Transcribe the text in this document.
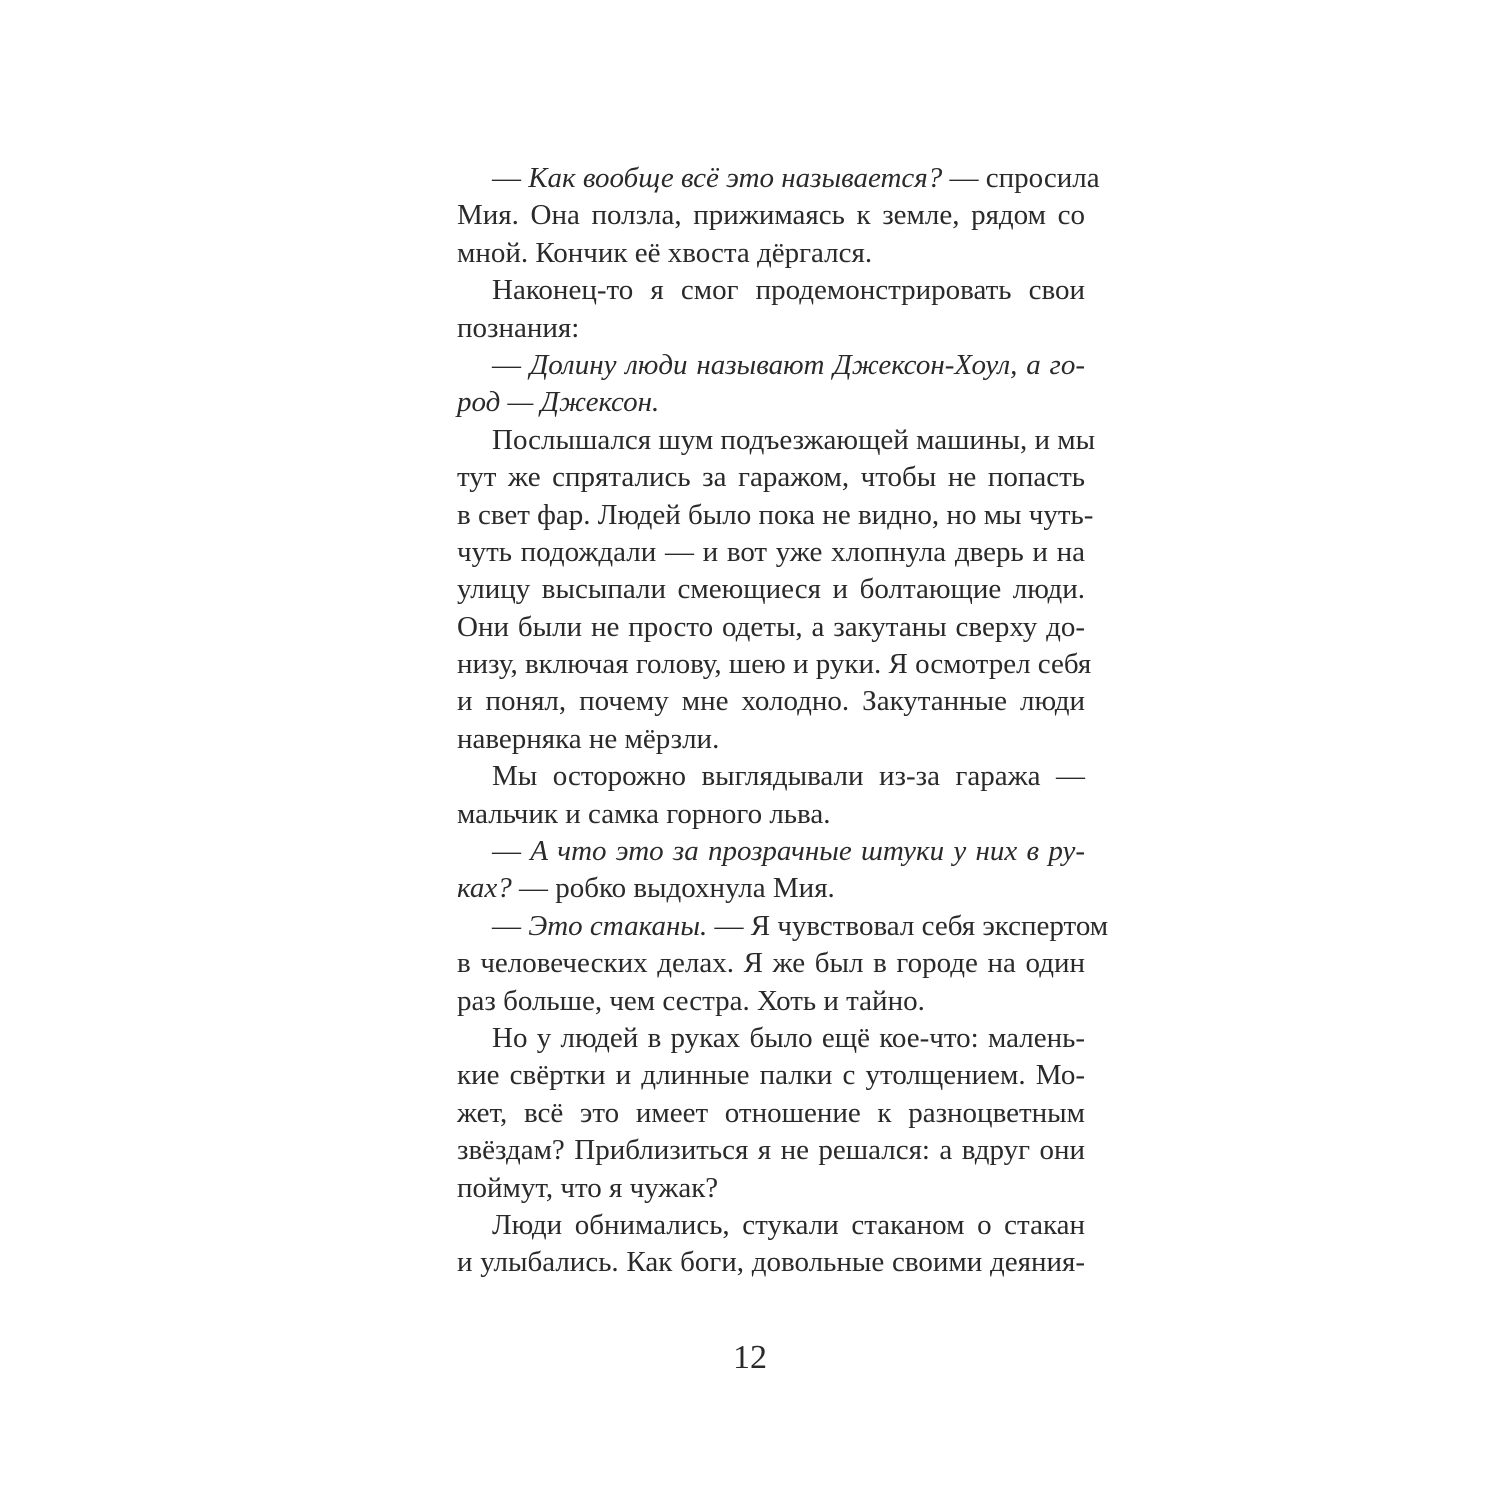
— Как вообще всё это называется? — спросила
Мия. Она ползла, прижимаясь к земле, рядом со
мной. Кончик её хвоста дёргался.
Наконец-то я смог продемонстрировать свои
познания:
— Долину люди называют Джексон-Хоул, а го-
род — Джексон.
Послышался шум подъезжающей машины, и мы
тут же спрятались за гаражом, чтобы не попасть
в свет фар. Людей было пока не видно, но мы чуть-
чуть подождали — и вот уже хлопнула дверь и на
улицу высыпали смеющиеся и болтающие люди.
Они были не просто одеты, а закутаны сверху до-
низу, включая голову, шею и руки. Я осмотрел себя
и понял, почему мне холодно. Закутанные люди
наверняка не мёрзли.
Мы осторожно выглядывали из-за гаража —
мальчик и самка горного льва.
— А что это за прозрачные штуки у них в ру-
ках? — робко выдохнула Мия.
— Это стаканы. — Я чувствовал себя экспертом
в человеческих делах. Я же был в городе на один
раз больше, чем сестра. Хоть и тайно.
Но у людей в руках было ещё кое-что: малень-
кие свёртки и длинные палки с утолщением. Мо-
жет, всё это имеет отношение к разноцветным
звёздам? Приблизиться я не решался: а вдруг они
поймут, что я чужак?
Люди обнимались, стукали стаканом о стакан
и улыбались. Как боги, довольные своими деяния-
12
